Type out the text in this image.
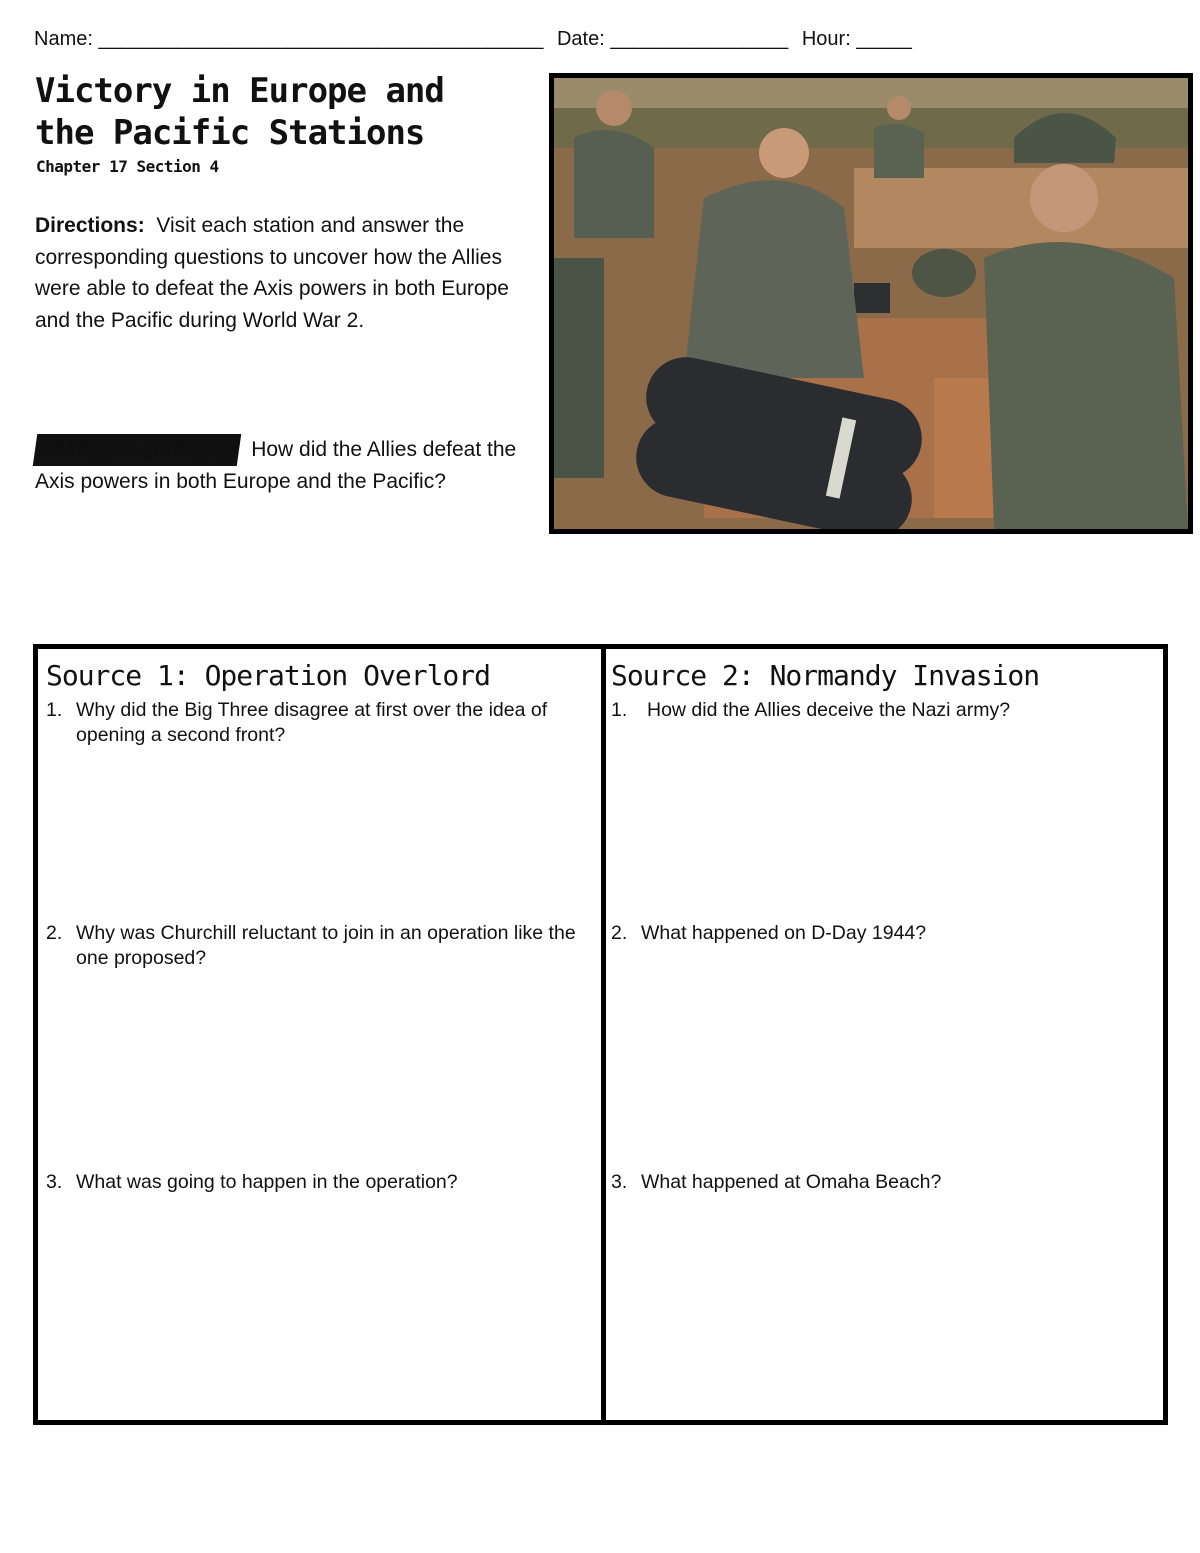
Name: ________________________________________ Date: ________________ Hour: _____
Victory in Europe and
the Pacific Stations
Chapter 17 Section 4
Directions: Visit each station and answer the corresponding questions to uncover how the Allies were able to defeat the Axis powers in both Europe and the Pacific during World War 2.
ESSENTIAL QUESTION How did the Allies defeat the Axis powers in both Europe and the Pacific?
Source 1: Operation Overlord
1. Why did the Big Three disagree at first over the idea of opening a second front?
2. Why was Churchill reluctant to join in an operation like the one proposed?
3. What was going to happen in the operation?
Source 2: Normandy Invasion
1.	How did the Allies deceive the Nazi army?
2. What happened on D-Day 1944?
3. What happened at Omaha Beach?
